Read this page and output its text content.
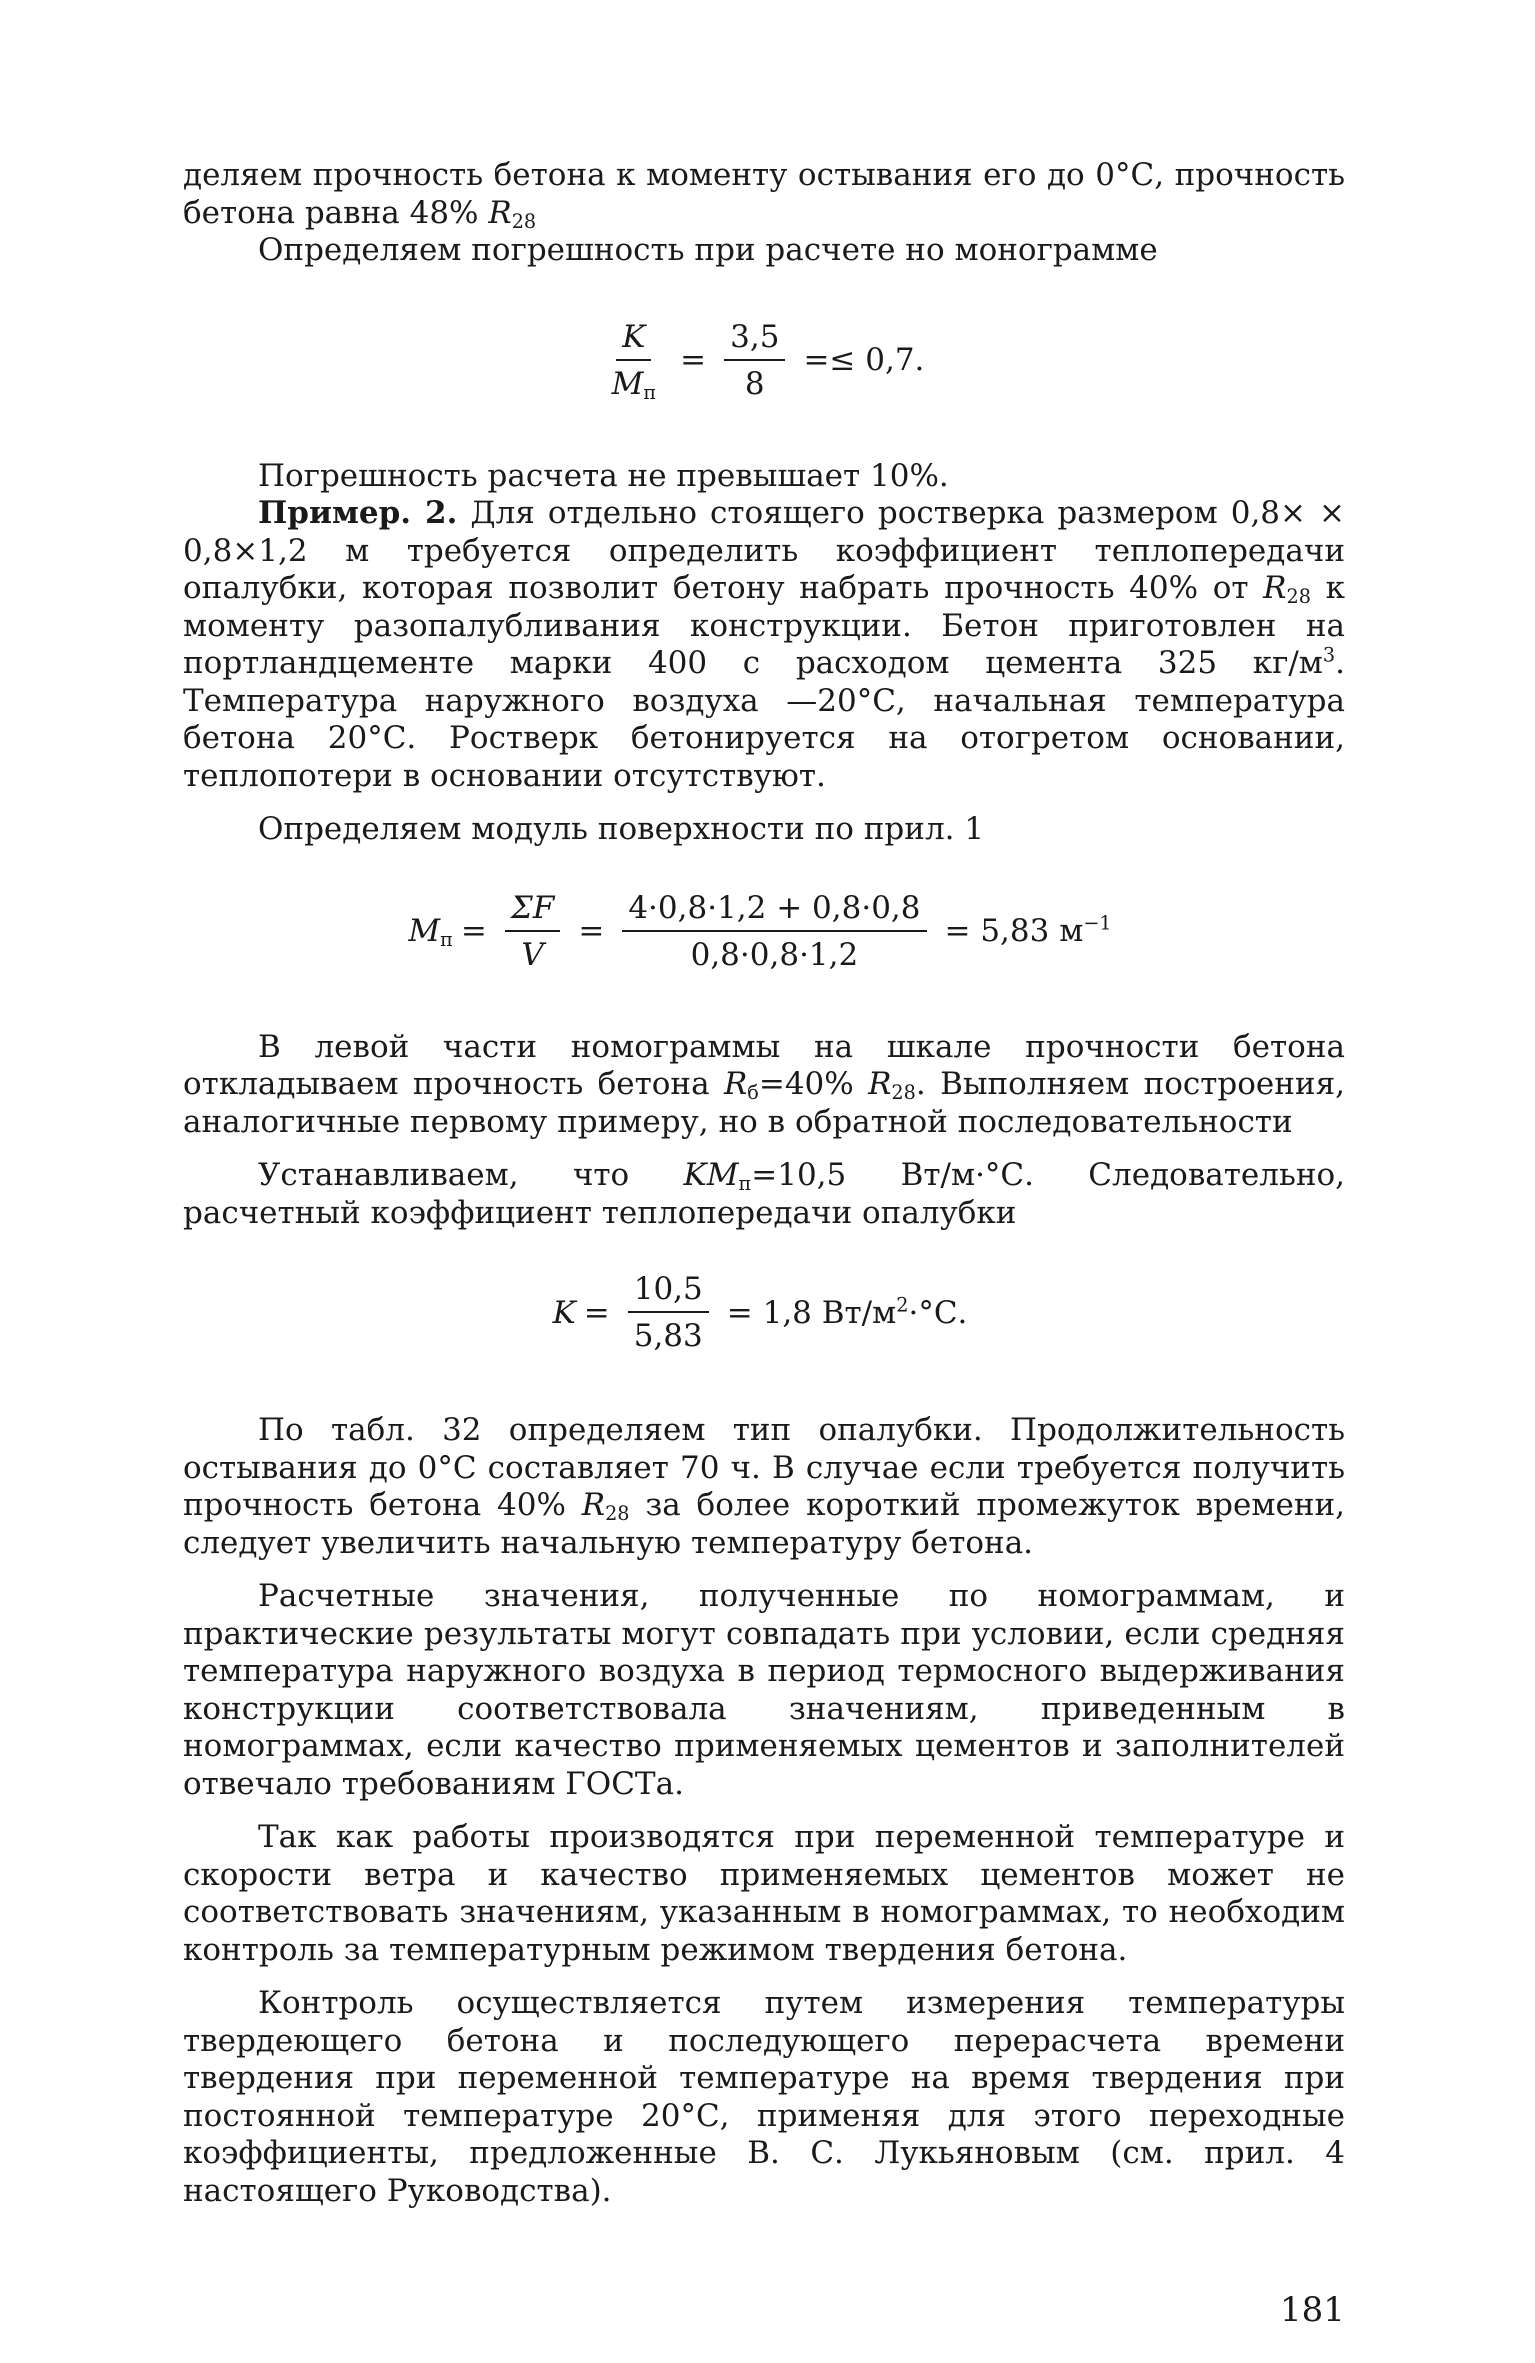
деляем прочность бетона к моменту остывания его до 0°С, прочность бетона равна 48% $R_{28}$

Определяем погрешность при расчете но монограмме

$\frac{K}{M_п} = \frac{3,5}{8} =\le 0,7$.

Погрешность расчета не превышает 10%.

Пример. 2. Для отдельно стоящего ростверка размером 0,8× × 0,8×1,2 м требуется определить коэффициент теплопередачи опалубки, которая позволит бетону набрать прочность 40% от $R_{28}$ к моменту разопалубливания конструкции. Бетон приготовлен на портландцементе марки 400 с расходом цемента 325 $кг/м^3$. Температура наружного воздуха —20°С, начальная температура бетона 20°С. Ростверк бетонируется на отогретом основании, теплопотери в основании отсутствуют.

Определяем модуль поверхности по прил. 1

$M_п = \frac{\Sigma F}{V} = \frac{4\cdot 0,8\cdot 1,2 + 0,8\cdot 0,8}{0,8\cdot 0,8\cdot 1,2} = 5,83$ $м^{-1}$

В левой части номограммы на шкале прочности бетона откладываем прочность бетона $R_б=40\%$ $R_{28}$. Выполняем построения, аналогичные первому примеру, но в обратной последовательности

Устанавливаем, что $KM_п=10,5$ Вт/м·°С. Следовательно, расчетный коэффициент теплопередачи опалубки

$K = \frac{10,5}{5,83} = 1,8$ $Вт/м^2\cdot^\circ С$.

По табл. 32 определяем тип опалубки. Продолжительность остывания до 0°С составляет 70 ч. В случае если требуется получить прочность бетона 40% $R_{28}$ за более короткий промежуток времени, следует увеличить начальную температуру бетона.

Расчетные значения, полученные по номограммам, и практические результаты могут совпадать при условии, если средняя температура наружного воздуха в период термосного выдерживания конструкции соответствовала значениям, приведенным в номограммах, если качество применяемых цементов и заполнителей отвечало требованиям ГОСТа.

Так как работы производятся при переменной температуре и скорости ветра и качество применяемых цементов может не соответствовать значениям, указанным в номограммах, то необходим контроль за температурным режимом твердения бетона.

Контроль осуществляется путем измерения температуры твердеющего бетона и последующего перерасчета времени твердения при переменной температуре на время твердения при постоянной температуре 20°С, применяя для этого переходные коэффициенты, предложенные В. С. Лукьяновым (см. прил. 4 настоящего Руководства).

181
